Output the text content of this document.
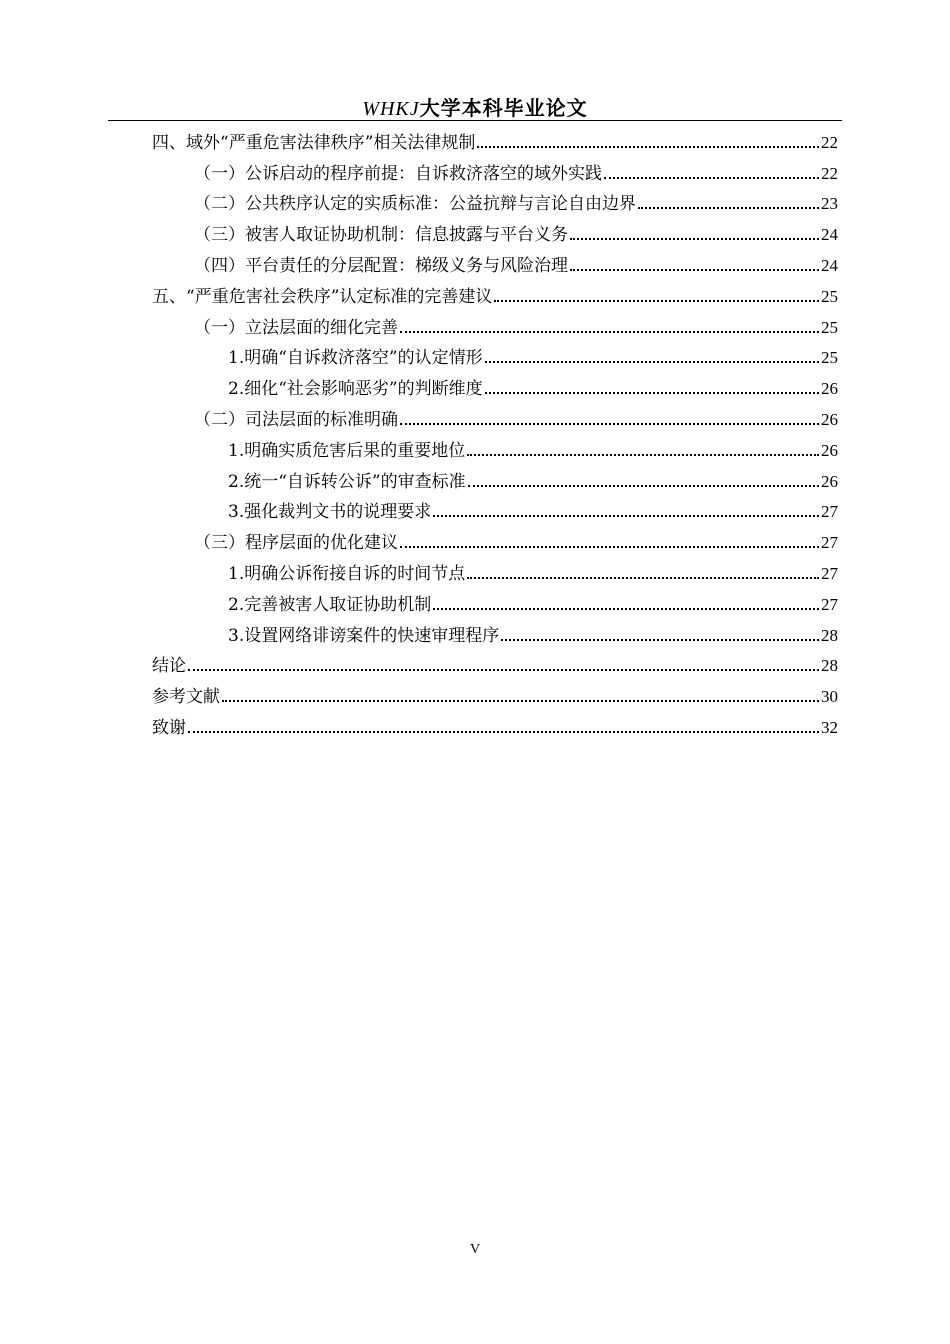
WHKJ大学本科毕业论文
四、域外“严重危害法律秩序”相关法律规制	22
（一）公诉启动的程序前提：自诉救济落空的域外实践	22
（二）公共秩序认定的实质标准：公益抗辩与言论自由边界	23
（三）被害人取证协助机制：信息披露与平台义务	24
（四）平台责任的分层配置：梯级义务与风险治理	24
五、“严重危害社会秩序”认定标准的完善建议	25
（一）立法层面的细化完善	25
1.明确“自诉救济落空”的认定情形	25
2.细化“社会影响恶劣”的判断维度	26
（二）司法层面的标准明确	26
1.明确实质危害后果的重要地位	26
2.统一“自诉转公诉”的审查标准	26
3.强化裁判文书的说理要求	27
（三）程序层面的优化建议	27
1.明确公诉衔接自诉的时间节点	27
2.完善被害人取证协助机制	27
3.设置网络诽谤案件的快速审理程序	28
结论	28
参考文献	30
致谢	32
V
